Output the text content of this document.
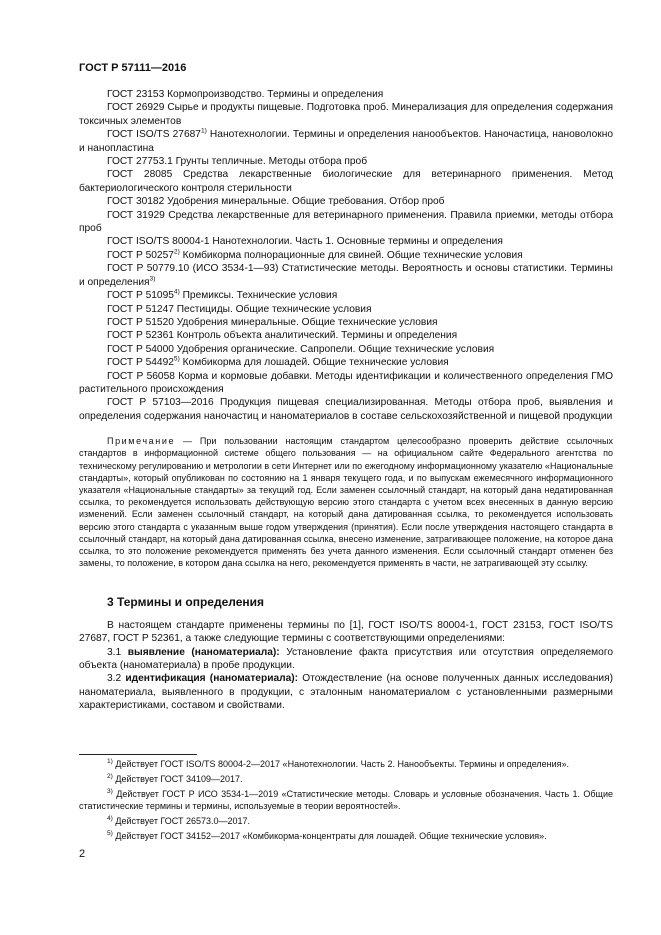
ГОСТ Р 57111—2016

ГОСТ 23153 Кормопроизводство. Термины и определения

ГОСТ 26929 Сырье и продукты пищевые. Подготовка проб. Минерализация для определения содержания токсичных элементов

ГОСТ ISO/TS 27687$^{1)}$ Нанотехнологии. Термины и определения нанообъектов. Наночастица, нановолокно и нанопластина

ГОСТ 27753.1 Грунты тепличные. Методы отбора проб

ГОСТ 28085 Средства лекарственные биологические для ветеринарного применения. Метод бактериологического контроля стерильности

ГОСТ 30182 Удобрения минеральные. Общие требования. Отбор проб

ГОСТ 31929 Средства лекарственные для ветеринарного применения. Правила приемки, методы отбора проб

ГОСТ ISO/TS 80004-1 Нанотехнологии. Часть 1. Основные термины и определения

ГОСТ Р 50257$^{2)}$ Комбикорма полнорационные для свиней. Общие технические условия

ГОСТ Р 50779.10 (ИСО 3534-1—93) Статистические методы. Вероятность и основы статистики. Термины и определения$^{3)}$

ГОСТ Р 51095$^{4)}$ Премиксы. Технические условия

ГОСТ Р 51247 Пестициды. Общие технические условия

ГОСТ Р 51520 Удобрения минеральные. Общие технические условия

ГОСТ Р 52361 Контроль объекта аналитический. Термины и определения

ГОСТ Р 54000 Удобрения органические. Сапропели. Общие технические условия

ГОСТ Р 54492$^{5)}$ Комбикорма для лошадей. Общие технические условия

ГОСТ Р 56058 Корма и кормовые добавки. Методы идентификации и количественного определения ГМО растительного происхождения

ГОСТ Р 57103—2016 Продукция пищевая специализированная. Методы отбора проб, выявления и определения содержания наночастиц и наноматериалов в составе сельскохозяйственной и пищевой продукции

Примечание — При пользовании настоящим стандартом целесообразно проверить действие ссылочных стандартов в информационной системе общего пользования — на официальном сайте Федерального агентства по техническому регулированию и метрологии в сети Интернет или по ежегодному информационному указателю «Национальные стандарты», который опубликован по состоянию на 1 января текущего года, и по выпускам ежемесячного информационного указателя «Национальные стандарты» за текущий год. Если заменен ссылочный стандарт, на который дана недатированная ссылка, то рекомендуется использовать действующую версию этого стандарта с учетом всех внесенных в данную версию изменений. Если заменен ссылочный стандарт, на который дана датированная ссылка, то рекомендуется использовать версию этого стандарта с указанным выше годом утверждения (принятия). Если после утверждения настоящего стандарта в ссылочный стандарт, на который дана датированная ссылка, внесено изменение, затрагивающее положение, на которое дана ссылка, то это положение рекомендуется применять без учета данного изменения. Если ссылочный стандарт отменен без замены, то положение, в котором дана ссылка на него, рекомендуется применять в части, не затрагивающей эту ссылку.

3 Термины и определения

В настоящем стандарте применены термины по [1], ГОСТ ISO/TS 80004-1, ГОСТ 23153, ГОСТ ISO/TS 27687, ГОСТ Р 52361, а также следующие термины с соответствующими определениями:

3.1 выявление (наноматериала): Установление факта присутствия или отсутствия определяемого объекта (наноматериала) в пробе продукции.

3.2 идентификация (наноматериала): Отождествление (на основе полученных данных исследования) наноматериала, выявленного в продукции, с эталонным наноматериалом с установленными размерными характеристиками, составом и свойствами.

$^{1)}$ Действует ГОСТ ISO/TS 80004-2—2017 «Нанотехнологии. Часть 2. Нанообъекты. Термины и определения».

$^{2)}$ Действует ГОСТ 34109—2017.

$^{3)}$ Действует ГОСТ Р ИСО 3534-1—2019 «Статистические методы. Словарь и условные обозначения. Часть 1. Общие статистические термины и термины, используемые в теории вероятностей».

$^{4)}$ Действует ГОСТ 26573.0—2017.

$^{5)}$ Действует ГОСТ 34152—2017 «Комбикорма-концентраты для лошадей. Общие технические условия».

2
